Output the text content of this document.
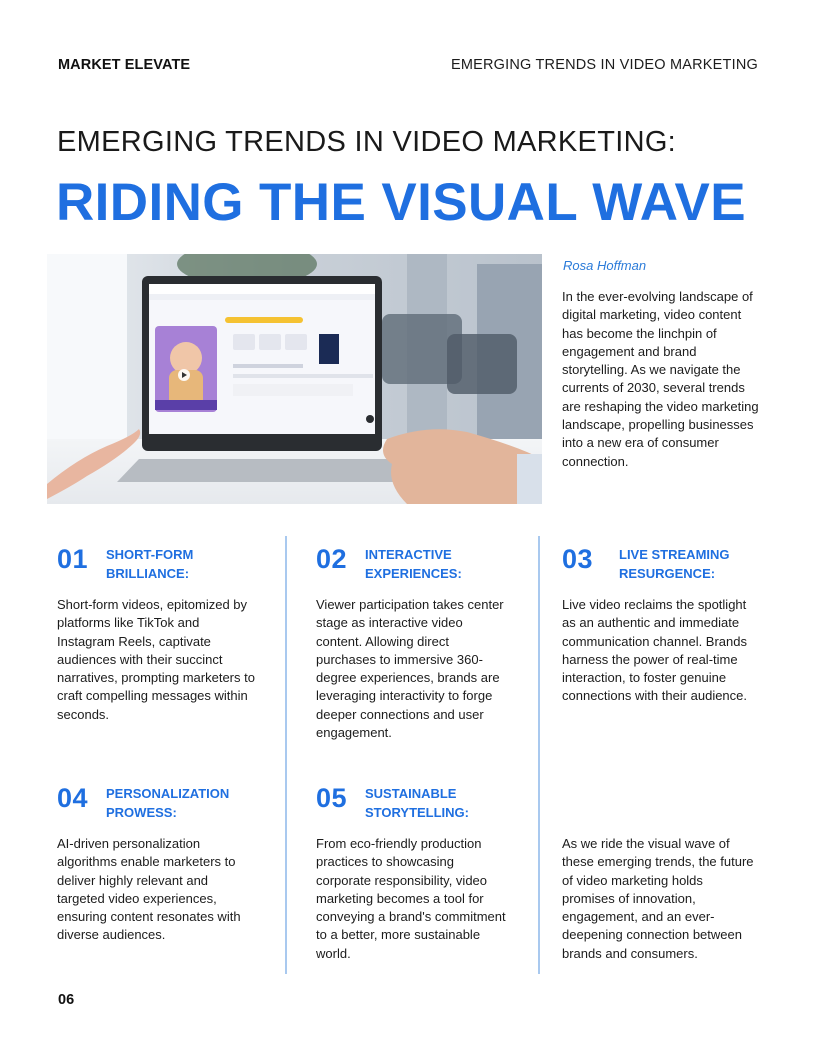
MARKET ELEVATE	EMERGING TRENDS IN VIDEO MARKETING
EMERGING TRENDS IN VIDEO MARKETING:
RIDING THE VISUAL WAVE
Rosa Hoffman
In the ever-evolving landscape of digital marketing, video content has become the linchpin of engagement and brand storytelling. As we navigate the currents of 2030, several trends are reshaping the video marketing landscape, propelling businesses into a new era of consumer connection.
01 SHORT-FORM
BRILLIANCE:
Short-form videos, epitomized by platforms like TikTok and Instagram Reels, captivate audiences with their succinct narratives, prompting marketers to craft compelling messages within seconds.
02 INTERACTIVE
EXPERIENCES:
Viewer participation takes center stage as interactive video content. Allowing direct purchases to immersive 360-degree experiences, brands are leveraging interactivity to forge deeper connections and user engagement.
03 LIVE STREAMING
RESURGENCE:
Live video reclaims the spotlight as an authentic and immediate communication channel. Brands harness the power of real-time interaction, to foster genuine connections with their audience.
04 PERSONALIZATION
PROWESS:
AI-driven personalization algorithms enable marketers to deliver highly relevant and targeted video experiences, ensuring content resonates with diverse audiences.
05 SUSTAINABLE
STORYTELLING:
From eco-friendly production practices to showcasing corporate responsibility, video marketing becomes a tool for conveying a brand's commitment to a better, more sustainable world.
As we ride the visual wave of these emerging trends, the future of video marketing holds promises of innovation, engagement, and an ever-deepening connection between brands and consumers.
06
